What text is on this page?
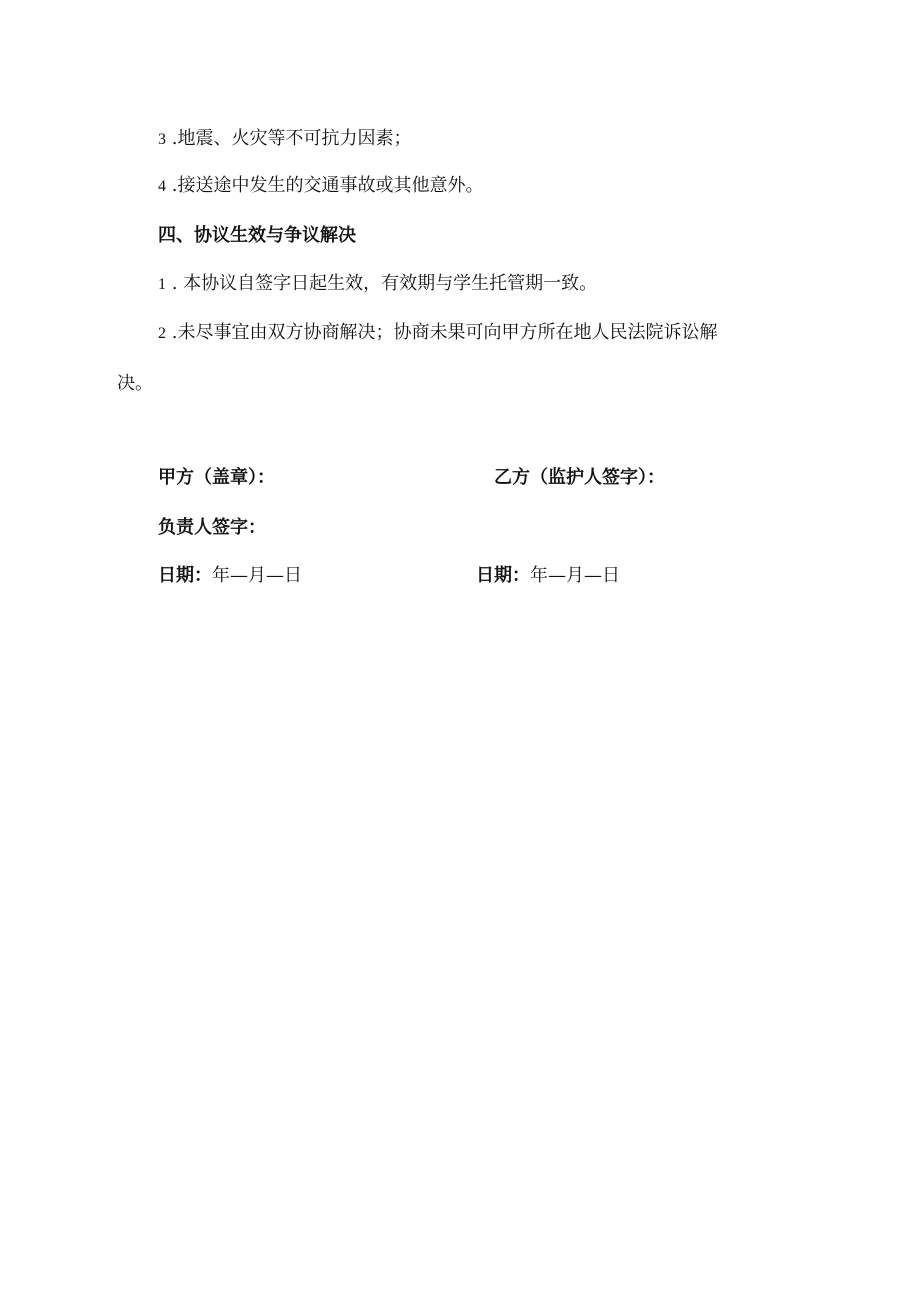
3 .地震、火灾等不可抗力因素；
4 .接送途中发生的交通事故或其他意外。
四、协议生效与争议解决
1 . 本协议自签字日起生效，有效期与学生托管期一致。
2 .未尽事宜由双方协商解决；协商未果可向甲方所在地人民法院诉讼解
决。
甲方（盖章）：	乙方（监护人签字）：
负责人签字：
日期：年—月—日	日期：年—月—日
